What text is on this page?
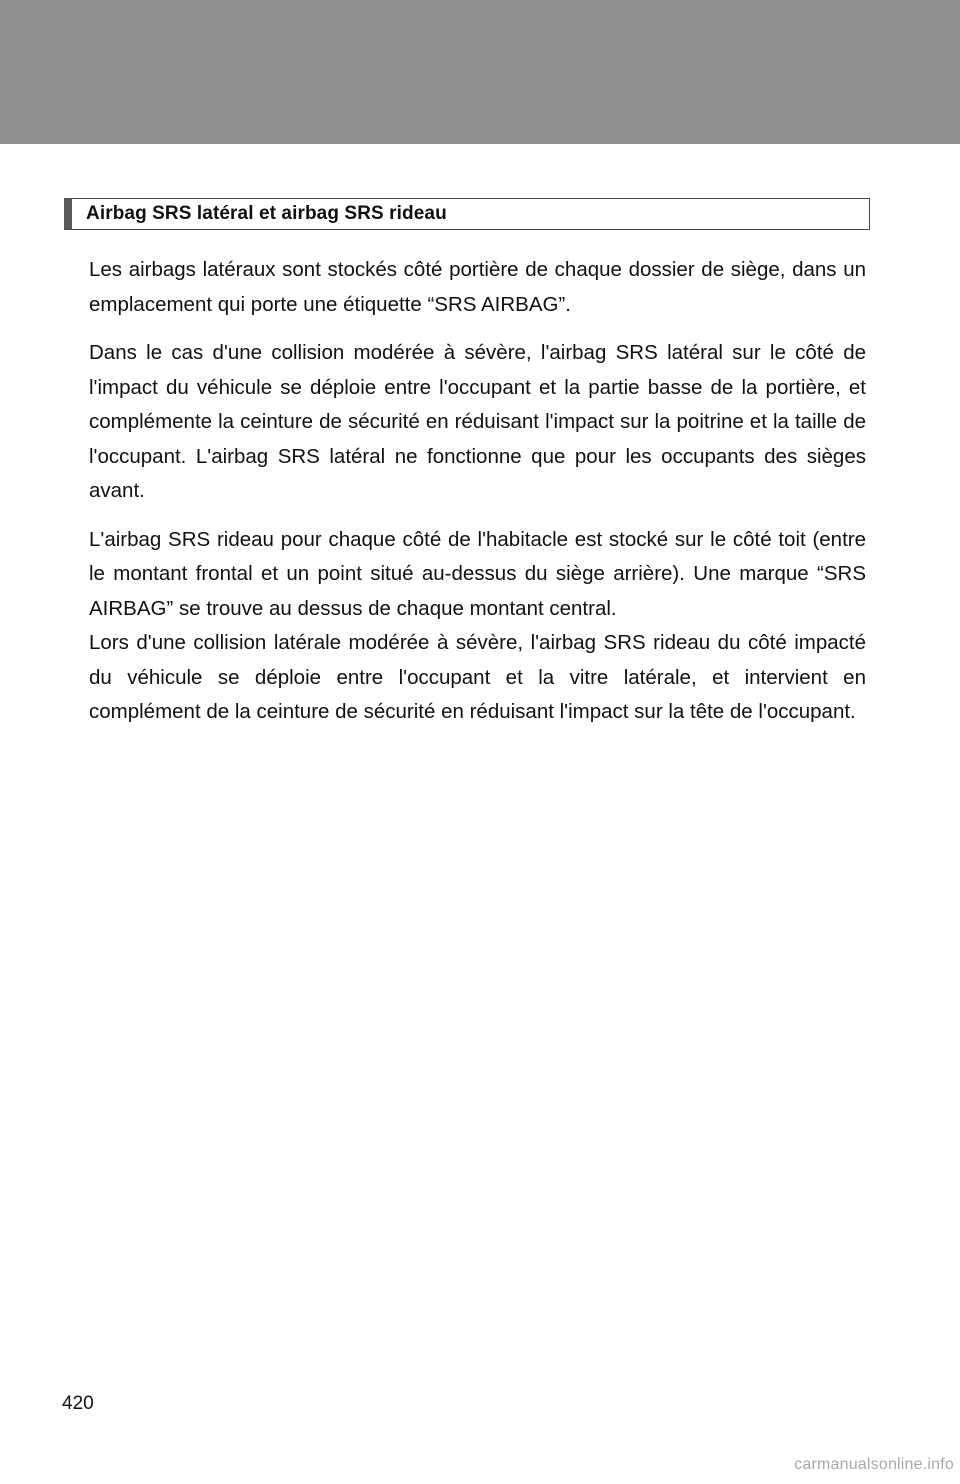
Airbag SRS latéral et airbag SRS rideau

Les airbags latéraux sont stockés côté portière de chaque dossier de siège, dans un emplacement qui porte une étiquette “SRS AIRBAG”.

Dans le cas d'une collision modérée à sévère, l'airbag SRS latéral sur le côté de l'impact du véhicule se déploie entre l'occupant et la partie basse de la portière, et complémente la ceinture de sécurité en réduisant l'impact sur la poitrine et la taille de l'occupant. L'airbag SRS latéral ne fonctionne que pour les occupants des sièges avant.

L'airbag SRS rideau pour chaque côté de l'habitacle est stocké sur le côté toit (entre le montant frontal et un point situé au-dessus du siège arrière). Une marque “SRS AIRBAG” se trouve au dessus de chaque montant central.

Lors d'une collision latérale modérée à sévère, l'airbag SRS rideau du côté impacté du véhicule se déploie entre l'occupant et la vitre latérale, et intervient en complément de la ceinture de sécurité en réduisant l'impact sur la tête de l'occupant.

420
carmanualsonline.info
